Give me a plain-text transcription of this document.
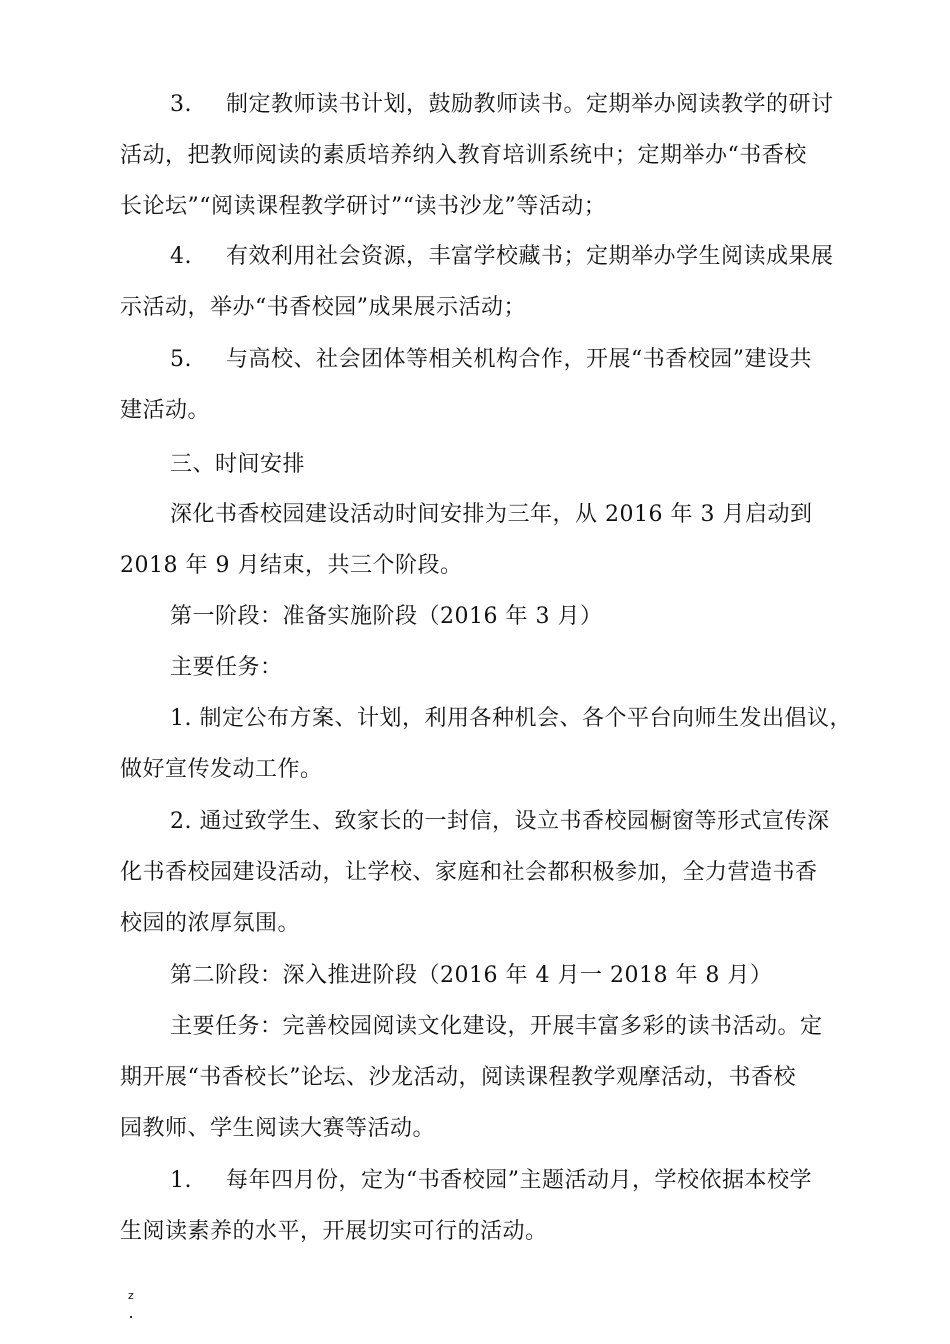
3. 制定教师读书计划，鼓励教师读书。定期举办阅读教学的研讨
活动，把教师阅读的素质培养纳入教育培训系统中；定期举办“书香校
长论坛”“阅读课程教学研讨”“读书沙龙”等活动；
4. 有效利用社会资源，丰富学校藏书；定期举办学生阅读成果展
示活动，举办“书香校园”成果展示活动；
5. 与高校、社会团体等相关机构合作，开展“书香校园”建设共
建活动。
三、时间安排
深化书香校园建设活动时间安排为三年，从 2016 年 3 月启动到
2018 年 9 月结束，共三个阶段。
第一阶段：准备实施阶段（2016 年 3 月）
主要任务：
1. 制定公布方案、计划，利用各种机会、各个平台向师生发出倡议，
做好宣传发动工作。
2. 通过致学生、致家长的一封信，设立书香校园橱窗等形式宣传深
化书香校园建设活动，让学校、家庭和社会都积极参加，全力营造书香
校园的浓厚氛围。
第二阶段：深入推进阶段（2016 年 4 月一 2018 年 8 月）
主要任务：完善校园阅读文化建设，开展丰富多彩的读书活动。定
期开展“书香校长”论坛、沙龙活动，阅读课程教学观摩活动，书香校
园教师、学生阅读大赛等活动。
1. 每年四月份，定为“书香校园”主题活动月，学校依据本校学
生阅读素养的水平，开展切实可行的活动。
z
